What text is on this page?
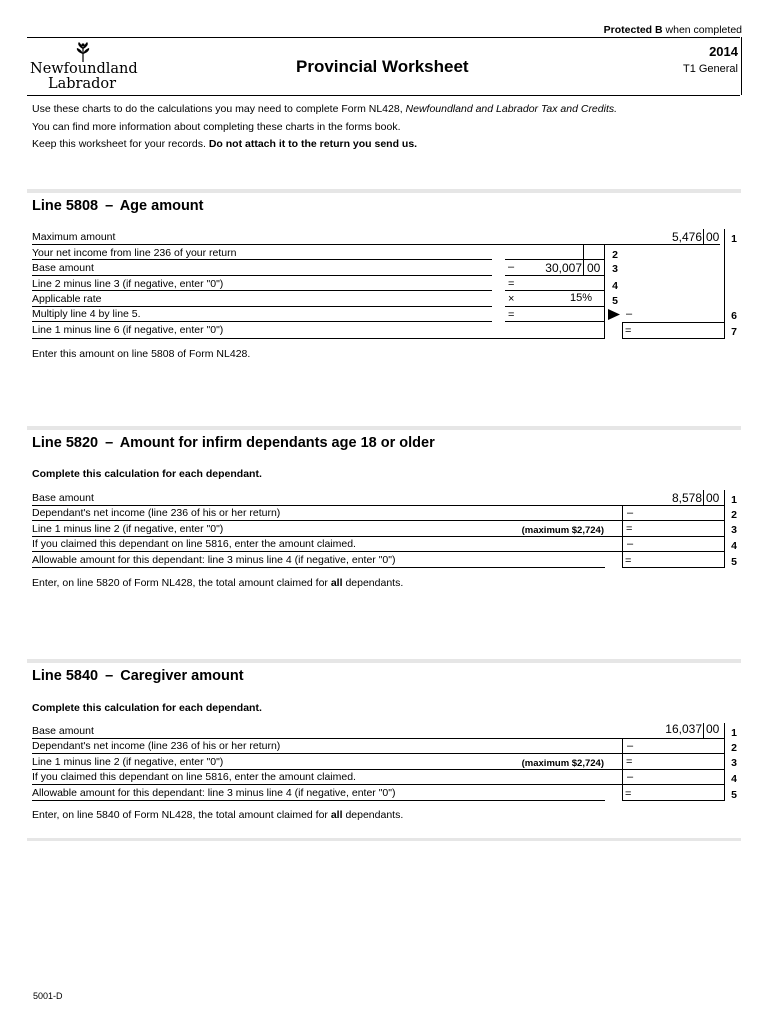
Protected B when completed
Newfoundland
Labrador
Provincial Worksheet
2014
T1 General
Use these charts to do the calculations you may need to complete Form NL428, Newfoundland and Labrador Tax and Credits.
You can find more information about completing these charts in the forms book.
Keep this worksheet for your records. Do not attach it to the return you send us.
Line 5808 – Age amount
Maximum amount
Your net income from line 236 of your return
Base amount
Line 2 minus line 3 (if negative, enter "0")
Applicable rate
Multiply line 4 by line 5.
Line 1 minus line 6 (if negative, enter "0")
–	30,007 00
=
×	15%
=
2
3
4
5
5,476 00
–
=
1
6
7
Enter this amount on line 5808 of Form NL428.
Line 5820 – Amount for infirm dependants age 18 or older
Complete this calculation for each dependant.
Base amount
Dependant's net income (line 236 of his or her return)
Line 1 minus line 2 (if negative, enter "0")
If you claimed this dependant on line 5816, enter the amount claimed.
Allowable amount for this dependant: line 3 minus line 4 (if negative, enter "0")
(maximum $2,724)
8,578 00
–
=
–
=
1
2
3
4
5
Enter, on line 5820 of Form NL428, the total amount claimed for all dependants.
Line 5840 – Caregiver amount
Complete this calculation for each dependant.
Base amount
Dependant's net income (line 236 of his or her return)
Line 1 minus line 2 (if negative, enter "0")
If you claimed this dependant on line 5816, enter the amount claimed.
Allowable amount for this dependant: line 3 minus line 4 (if negative, enter "0")
(maximum $2,724)
16,037 00
–
=
–
=
1
2
3
4
5
Enter, on line 5840 of Form NL428, the total amount claimed for all dependants.
5001-D
